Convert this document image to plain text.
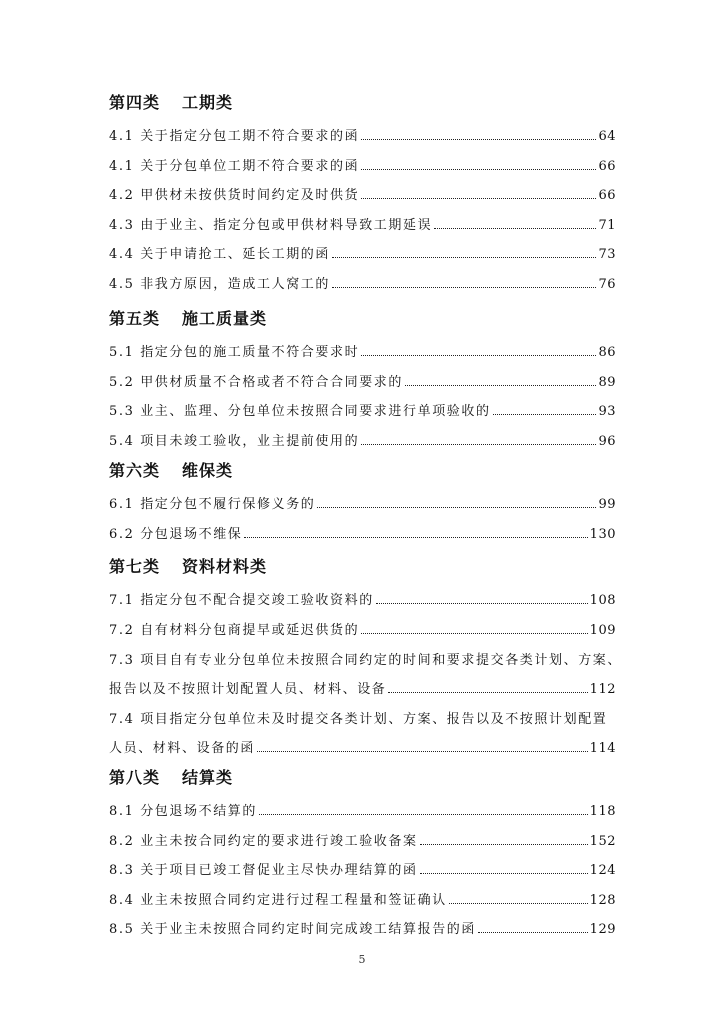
第四类 工期类
4.1 关于指定分包工期不符合要求的函	64
4.1 关于分包单位工期不符合要求的函	66
4.2 甲供材未按供货时间约定及时供货	66
4.3 由于业主、指定分包或甲供材料导致工期延误	71
4.4 关于申请抢工、延长工期的函	73
4.5 非我方原因，造成工人窝工的	76
第五类 施工质量类
5.1 指定分包的施工质量不符合要求时	86
5.2 甲供材质量不合格或者不符合合同要求的	89
5.3 业主、监理、分包单位未按照合同要求进行单项验收的	93
5.4 项目未竣工验收，业主提前使用的	96
第六类 维保类
6.1 指定分包不履行保修义务的	99
6.2 分包退场不维保	130
第七类 资料材料类
7.1 指定分包不配合提交竣工验收资料的	108
7.2 自有材料分包商提早或延迟供货的	109
7.3 项目自有专业分包单位未按照合同约定的时间和要求提交各类计划、方案、
报告以及不按照计划配置人员、材料、设备	112
7.4 项目指定分包单位未及时提交各类计划、方案、报告以及不按照计划配置
人员、材料、设备的函	114
第八类 结算类
8.1 分包退场不结算的	118
8.2 业主未按合同约定的要求进行竣工验收备案	152
8.3 关于项目已竣工督促业主尽快办理结算的函	124
8.4 业主未按照合同约定进行过程工程量和签证确认	128
8.5 关于业主未按照合同约定时间完成竣工结算报告的函	129
5
